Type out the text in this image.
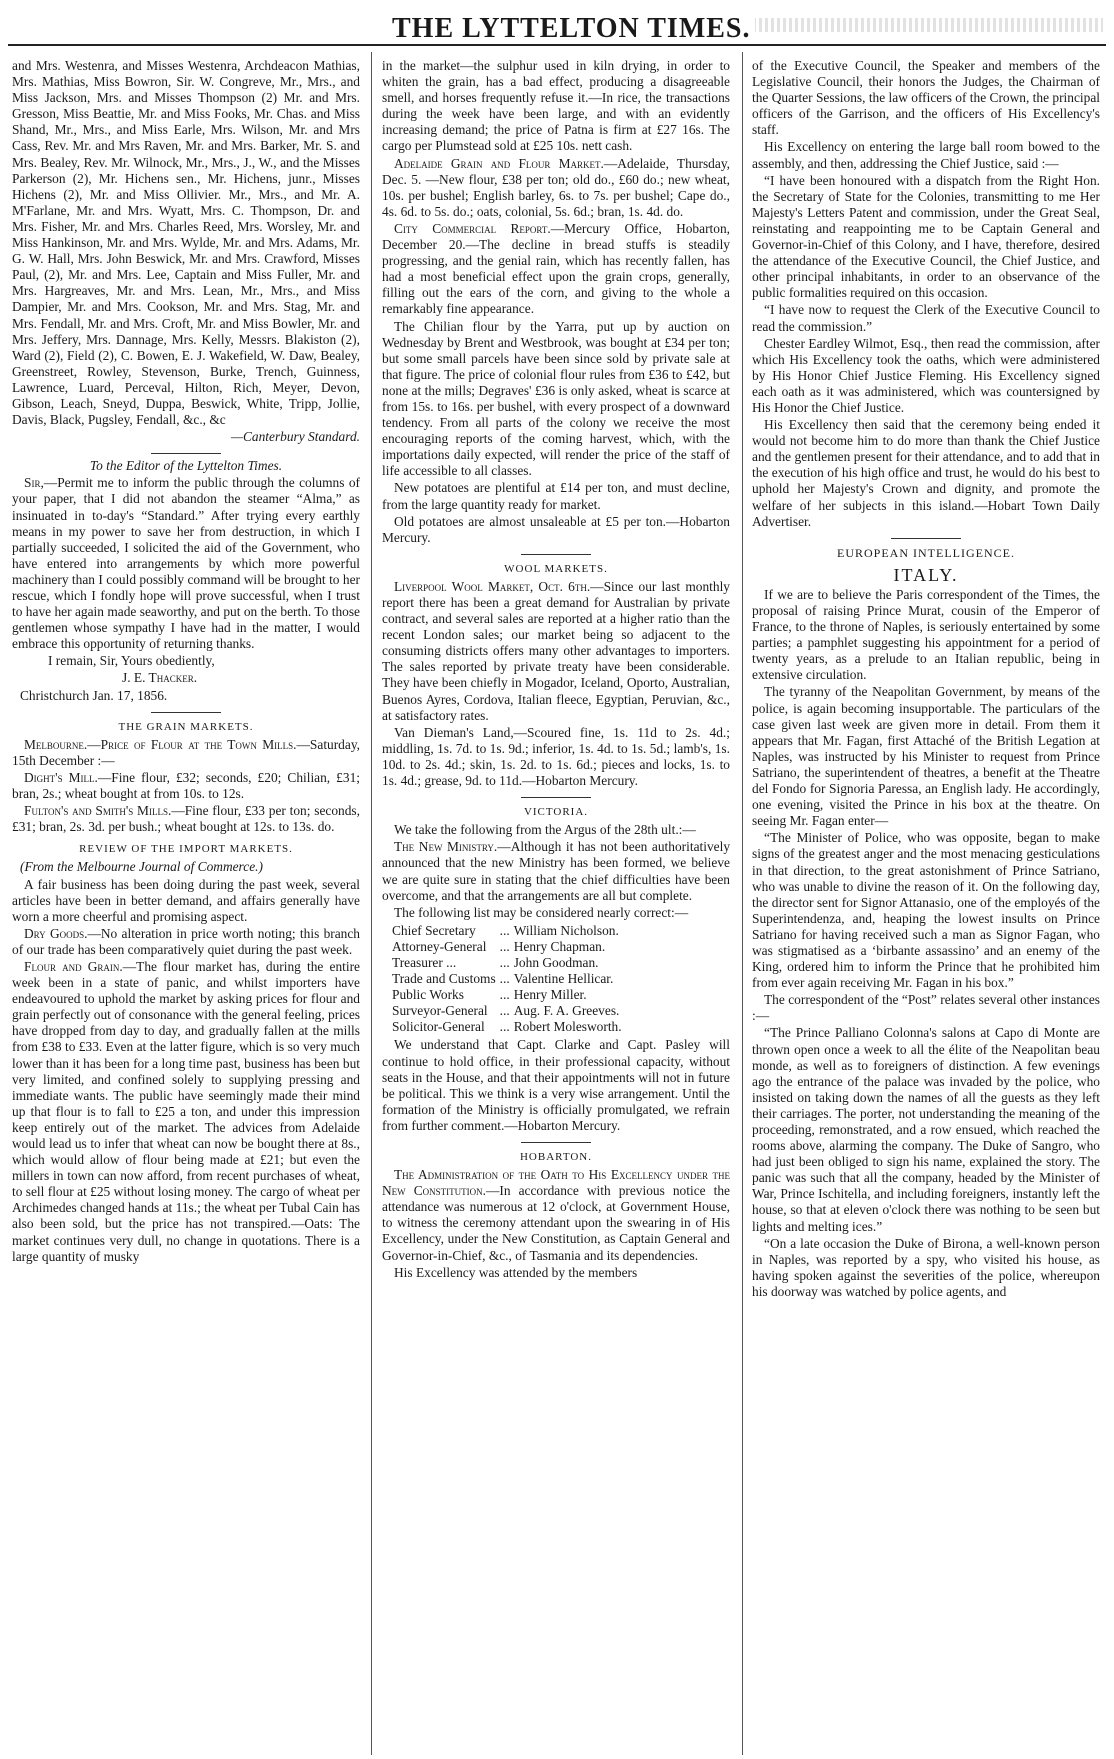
THE LYTTELTON TIMES.

and Mrs. Westenra, and Misses Westenra, Archdeacon Mathias, Mrs. Mathias, Miss Bowron, Sir. W. Congreve, Mr., Mrs., and Miss Jackson, Mrs. and Misses Thompson (2) Mr. and Mrs. Gresson, Miss Beattie, Mr. and Miss Fooks, Mr. Chas. and Miss Shand, Mr., Mrs., and Miss Earle, Mrs. Wilson, Mr. and Mrs Cass, Rev. Mr. and Mrs Raven, Mr. and Mrs. Barker, Mr. S. and Mrs. Bealey, Rev. Mr. Wilnock, Mr., Mrs., J., W., and the Misses Parkerson (2), Mr. Hichens sen., Mr. Hichens, junr., Misses Hichens (2), Mr. and Miss Ollivier. Mr., Mrs., and Mr. A. M'Farlane, Mr. and Mrs. Wyatt, Mrs. C. Thompson, Dr. and Mrs. Fisher, Mr. and Mrs. Charles Reed, Mrs. Worsley, Mr. and Miss Hankinson, Mr. and Mrs. Wylde, Mr. and Mrs. Adams, Mr. G. W. Hall, Mrs. John Beswick, Mr. and Mrs. Crawford, Misses Paul, (2), Mr. and Mrs. Lee, Captain and Miss Fuller, Mr. and Mrs. Hargreaves, Mr. and Mrs. Lean, Mr., Mrs., and Miss Dampier, Mr. and Mrs. Cookson, Mr. and Mrs. Stag, Mr. and Mrs. Fendall, Mr. and Mrs. Croft, Mr. and Miss Bowler, Mr. and Mrs. Jeffery, Mrs. Dannage, Mrs. Kelly, Messrs. Blakiston (2), Ward (2), Field (2), C. Bowen, E. J. Wakefield, W. Daw, Bealey, Greenstreet, Rowley, Stevenson, Burke, Trench, Guinness, Lawrence, Luard, Perceval, Hilton, Rich, Meyer, Devon, Gibson, Leach, Sneyd, Duppa, Beswick, White, Tripp, Jollie, Davis, Black, Pugsley, Fendall, &c., &c

—Canterbury Standard.

To the Editor of the Lyttelton Times.

Sir,—Permit me to inform the public through the columns of your paper, that I did not abandon the steamer “Alma,” as insinuated in to-day's “Standard.” After trying every earthly means in my power to save her from destruction, in which I partially succeeded, I solicited the aid of the Government, who have entered into arrangements by which more powerful machinery than I could possibly command will be brought to her rescue, which I fondly hope will prove successful, when I trust to have her again made seaworthy, and put on the berth. To those gentlemen whose sympathy I have had in the matter, I would embrace this opportunity of returning thanks.

I remain, Sir, Yours obediently,

J. E. Thacker.

Christchurch Jan. 17, 1856.

THE GRAIN MARKETS.

Melbourne.—Price of Flour at the Town Mills.—Saturday, 15th December :—

Dight's Mill.—Fine flour, £32; seconds, £20; Chilian, £31; bran, 2s.; wheat bought at from 10s. to 12s.

Fulton's and Smith's Mills.—Fine flour, £33 per ton; seconds, £31; bran, 2s. 3d. per bush.; wheat bought at 12s. to 13s. do.

REVIEW OF THE IMPORT MARKETS.

(From the Melbourne Journal of Commerce.)

A fair business has been doing during the past week, several articles have been in better demand, and affairs generally have worn a more cheerful and promising aspect.

Dry Goods.—No alteration in price worth noting; this branch of our trade has been comparatively quiet during the past week.

Flour and Grain.—The flour market has, during the entire week been in a state of panic, and whilst importers have endeavoured to uphold the market by asking prices for flour and grain perfectly out of consonance with the general feeling, prices have dropped from day to day, and gradually fallen at the mills from £38 to £33. Even at the latter figure, which is so very much lower than it has been for a long time past, business has been but very limited, and confined solely to supplying pressing and immediate wants. The public have seemingly made their mind up that flour is to fall to £25 a ton, and under this impression keep entirely out of the market. The advices from Adelaide would lead us to infer that wheat can now be bought there at 8s., which would allow of flour being made at £21; but even the millers in town can now afford, from recent purchases of wheat, to sell flour at £25 without losing money. The cargo of wheat per Archimedes changed hands at 11s.; the wheat per Tubal Cain has also been sold, but the price has not transpired.—Oats: The market continues very dull, no change in quotations. There is a large quantity of musky

in the market—the sulphur used in kiln drying, in order to whiten the grain, has a bad effect, producing a disagreeable smell, and horses frequently refuse it.—In rice, the transactions during the week have been large, and with an evidently increasing demand; the price of Patna is firm at £27 16s. The cargo per Plumstead sold at £25 10s. nett cash.

Adelaide Grain and Flour Market.—Adelaide, Thursday, Dec. 5. —New flour, £38 per ton; old do., £60 do.; new wheat, 10s. per bushel; English barley, 6s. to 7s. per bushel; Cape do., 4s. 6d. to 5s. do.; oats, colonial, 5s. 6d.; bran, 1s. 4d. do.

City Commercial Report.—Mercury Office, Hobarton, December 20.—The decline in bread stuffs is steadily progressing, and the genial rain, which has recently fallen, has had a most beneficial effect upon the grain crops, generally, filling out the ears of the corn, and giving to the whole a remarkably fine appearance.

The Chilian flour by the Yarra, put up by auction on Wednesday by Brent and Westbrook, was bought at £34 per ton; but some small parcels have been since sold by private sale at that figure. The price of colonial flour rules from £36 to £42, but none at the mills; Degraves' £36 is only asked, wheat is scarce at from 15s. to 16s. per bushel, with every prospect of a downward tendency. From all parts of the colony we receive the most encouraging reports of the coming harvest, which, with the importations daily expected, will render the price of the staff of life accessible to all classes.

New potatoes are plentiful at £14 per ton, and must decline, from the large quantity ready for market.

Old potatoes are almost unsaleable at £5 per ton.—Hobarton Mercury.

WOOL MARKETS.

Liverpool Wool Market, Oct. 6th.—Since our last monthly report there has been a great demand for Australian by private contract, and several sales are reported at a higher ratio than the recent London sales; our market being so adjacent to the consuming districts offers many other advantages to importers. The sales reported by private treaty have been considerable. They have been chiefly in Mogador, Iceland, Oporto, Australian, Buenos Ayres, Cordova, Italian fleece, Egyptian, Peruvian, &c., at satisfactory rates.

Van Dieman's Land,—Scoured fine, 1s. 11d to 2s. 4d.; middling, 1s. 7d. to 1s. 9d.; inferior, 1s. 4d. to 1s. 5d.; lamb's, 1s. 10d. to 2s. 4d.; skin, 1s. 2d. to 1s. 6d.; pieces and locks, 1s. to 1s. 4d.; grease, 9d. to 11d.—Hobarton Mercury.

VICTORIA.

We take the following from the Argus of the 28th ult.:—

The New Ministry.—Although it has not been authoritatively announced that the new Ministry has been formed, we believe we are quite sure in stating that the chief difficulties have been overcome, and that the arrangements are all but complete.

The following list may be considered nearly correct:—

Chief Secretary	...	William Nicholson.
Attorney-General	...	Henry Chapman.
Treasurer ...	...	John Goodman.
Trade and Customs	...	Valentine Hellicar.
Public Works	...	Henry Miller.
Surveyor-General	...	Aug. F. A. Greeves.
Solicitor-General	...	Robert Molesworth.

We understand that Capt. Clarke and Capt. Pasley will continue to hold office, in their professional capacity, without seats in the House, and that their appointments will not in future be political. This we think is a very wise arrangement. Until the formation of the Ministry is officially promulgated, we refrain from further comment.—Hobarton Mercury.

HOBARTON.

The Administration of the Oath to His Excellency under the New Constitution.—In accordance with previous notice the attendance was numerous at 12 o'clock, at Government House, to witness the ceremony attendant upon the swearing in of His Excellency, under the New Constitution, as Captain General and Governor-in-Chief, &c., of Tasmania and its dependencies.

His Excellency was attended by the members

of the Executive Council, the Speaker and members of the Legislative Council, their honors the Judges, the Chairman of the Quarter Sessions, the law officers of the Crown, the principal officers of the Garrison, and the officers of His Excellency's staff.

His Excellency on entering the large ball room bowed to the assembly, and then, addressing the Chief Justice, said :—

“I have been honoured with a dispatch from the Right Hon. the Secretary of State for the Colonies, transmitting to me Her Majesty's Letters Patent and commission, under the Great Seal, reinstating and reappointing me to be Captain General and Governor-in-Chief of this Colony, and I have, therefore, desired the attendance of the Executive Council, the Chief Justice, and other principal inhabitants, in order to an observance of the public formalities required on this occasion.

“I have now to request the Clerk of the Executive Council to read the commission.”

Chester Eardley Wilmot, Esq., then read the commission, after which His Excellency took the oaths, which were administered by His Honor Chief Justice Fleming. His Excellency signed each oath as it was administered, which was countersigned by His Honor the Chief Justice.

His Excellency then said that the ceremony being ended it would not become him to do more than thank the Chief Justice and the gentlemen present for their attendance, and to add that in the execution of his high office and trust, he would do his best to uphold her Majesty's Crown and dignity, and promote the welfare of her subjects in this island.—Hobart Town Daily Advertiser.

EUROPEAN INTELLIGENCE.

ITALY.

If we are to believe the Paris correspondent of the Times, the proposal of raising Prince Murat, cousin of the Emperor of France, to the throne of Naples, is seriously entertained by some parties; a pamphlet suggesting his appointment for a period of twenty years, as a prelude to an Italian republic, being in extensive circulation.

The tyranny of the Neapolitan Government, by means of the police, is again becoming insupportable. The particulars of the case given last week are given more in detail. From them it appears that Mr. Fagan, first Attaché of the British Legation at Naples, was instructed by his Minister to request from Prince Satriano, the superintendent of theatres, a benefit at the Theatre del Fondo for Signoria Paressa, an English lady. He accordingly, one evening, visited the Prince in his box at the theatre. On seeing Mr. Fagan enter—

“The Minister of Police, who was opposite, began to make signs of the greatest anger and the most menacing gesticulations in that direction, to the great astonishment of Prince Satriano, who was unable to divine the reason of it. On the following day, the director sent for Signor Attanasio, one of the employés of the Superintendenza, and, heaping the lowest insults on Prince Satriano for having received such a man as Signor Fagan, who was stigmatised as a ‘birbante assassino’ and an enemy of the King, ordered him to inform the Prince that he prohibited him from ever again receiving Mr. Fagan in his box.”

The correspondent of the “Post” relates several other instances :—

“The Prince Palliano Colonna's salons at Capo di Monte are thrown open once a week to all the élite of the Neapolitan beau monde, as well as to foreigners of distinction. A few evenings ago the entrance of the palace was invaded by the police, who insisted on taking down the names of all the guests as they left their carriages. The porter, not understanding the meaning of the proceeding, remonstrated, and a row ensued, which reached the rooms above, alarming the company. The Duke of Sangro, who had just been obliged to sign his name, explained the story. The panic was such that all the company, headed by the Minister of War, Prince Ischitella, and including foreigners, instantly left the house, so that at eleven o'clock there was nothing to be seen but lights and melting ices.”

“On a late occasion the Duke of Birona, a well-known person in Naples, was reported by a spy, who visited his house, as having spoken against the severities of the police, whereupon his doorway was watched by police agents, and
